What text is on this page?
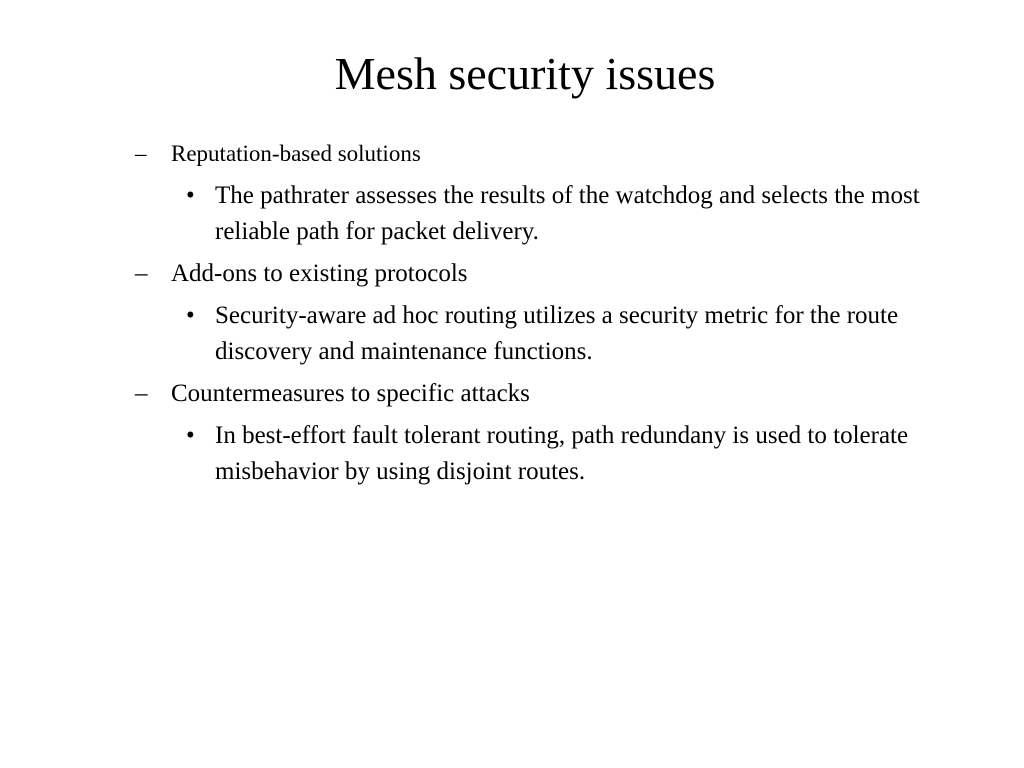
Mesh security issues
– Reputation-based solutions
• The pathrater assesses the results of the watchdog and selects the most reliable path for packet delivery.
– Add-ons to existing protocols
• Security-aware ad hoc routing utilizes a security metric for the route discovery and maintenance functions.
– Countermeasures to specific attacks
• In best-effort fault tolerant routing, path redundany is used to tolerate misbehavior by using disjoint routes.
